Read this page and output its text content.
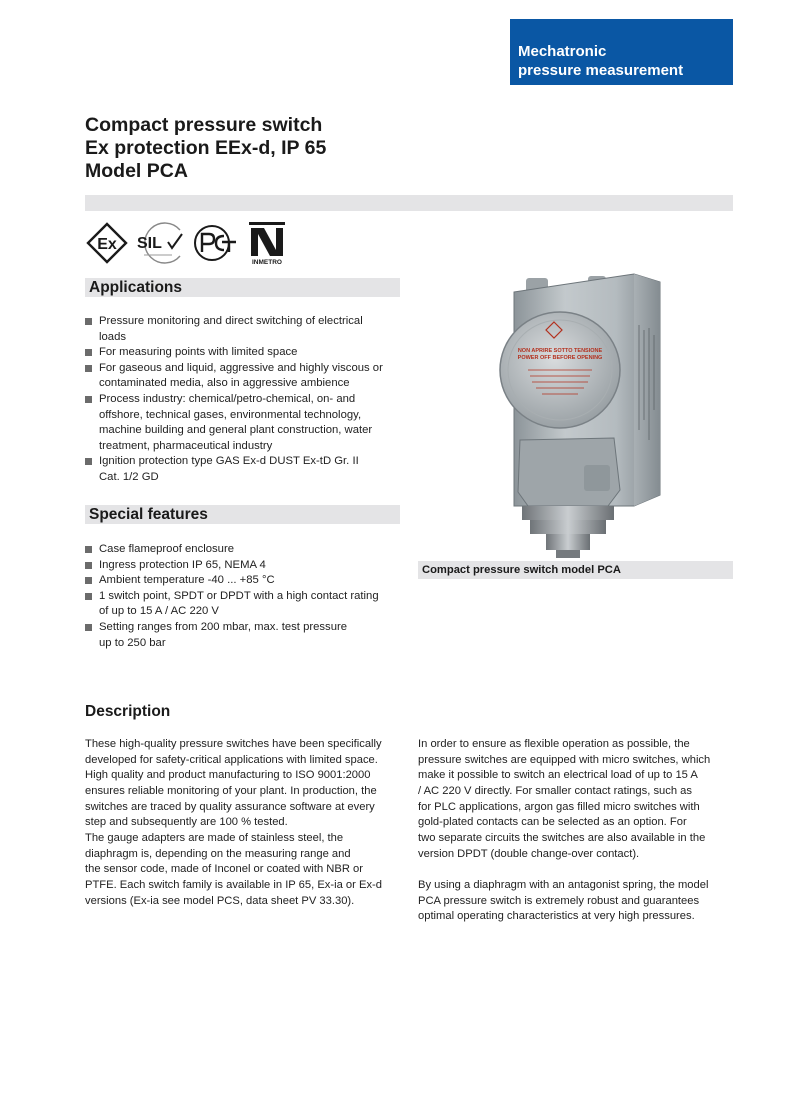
Mechatronic
pressure measurement
Compact pressure switch
Ex protection EEx-d, IP 65
Model PCA
Ex SIL
INMETRO
Applications
Pressure monitoring and direct switching of electrical
loads
For measuring points with limited space
For gaseous and liquid, aggressive and highly viscous or
contaminated media, also in aggressive ambience
Process industry: chemical/petro-chemical, on- and
offshore, technical gases, environmental technology,
machine building and general plant construction, water
treatment, pharmaceutical industry
Ignition protection type GAS Ex-d DUST Ex-tD Gr. II
Cat. 1/2 GD
Special features
Case flameproof enclosure
Ingress protection IP 65, NEMA 4
Ambient temperature -40 ... +85 °C
1 switch point, SPDT or DPDT with a high contact rating
of up to 15 A / AC 220 V
Setting ranges from 200 mbar, max. test pressure
up to 250 bar
NON APRIRE SOTTO TENSIONE
POWER OFF BEFORE OPENING
Compact pressure switch model PCA
Description
These high-quality pressure switches have been specifically
developed for safety-critical applications with limited space.
High quality and product manufacturing to ISO 9001:2000
ensures reliable monitoring of your plant. In production, the
switches are traced by quality assurance software at every
step and subsequently are 100 % tested.
The gauge adapters are made of stainless steel, the
diaphragm is, depending on the measuring range and
the sensor code, made of Inconel or coated with NBR or
PTFE. Each switch family is available in IP 65, Ex-ia or Ex-d
versions (Ex-ia see model PCS, data sheet PV 33.30).
In order to ensure as flexible operation as possible, the
pressure switches are equipped with micro switches, which
make it possible to switch an electrical load of up to 15 A
/ AC 220 V directly. For smaller contact ratings, such as
for PLC applications, argon gas filled micro switches with
gold-plated contacts can be selected as an option. For
two separate circuits the switches are also available in the
version DPDT (double change-over contact).
By using a diaphragm with an antagonist spring, the model
PCA pressure switch is extremely robust and guarantees
optimal operating characteristics at very high pressures.
